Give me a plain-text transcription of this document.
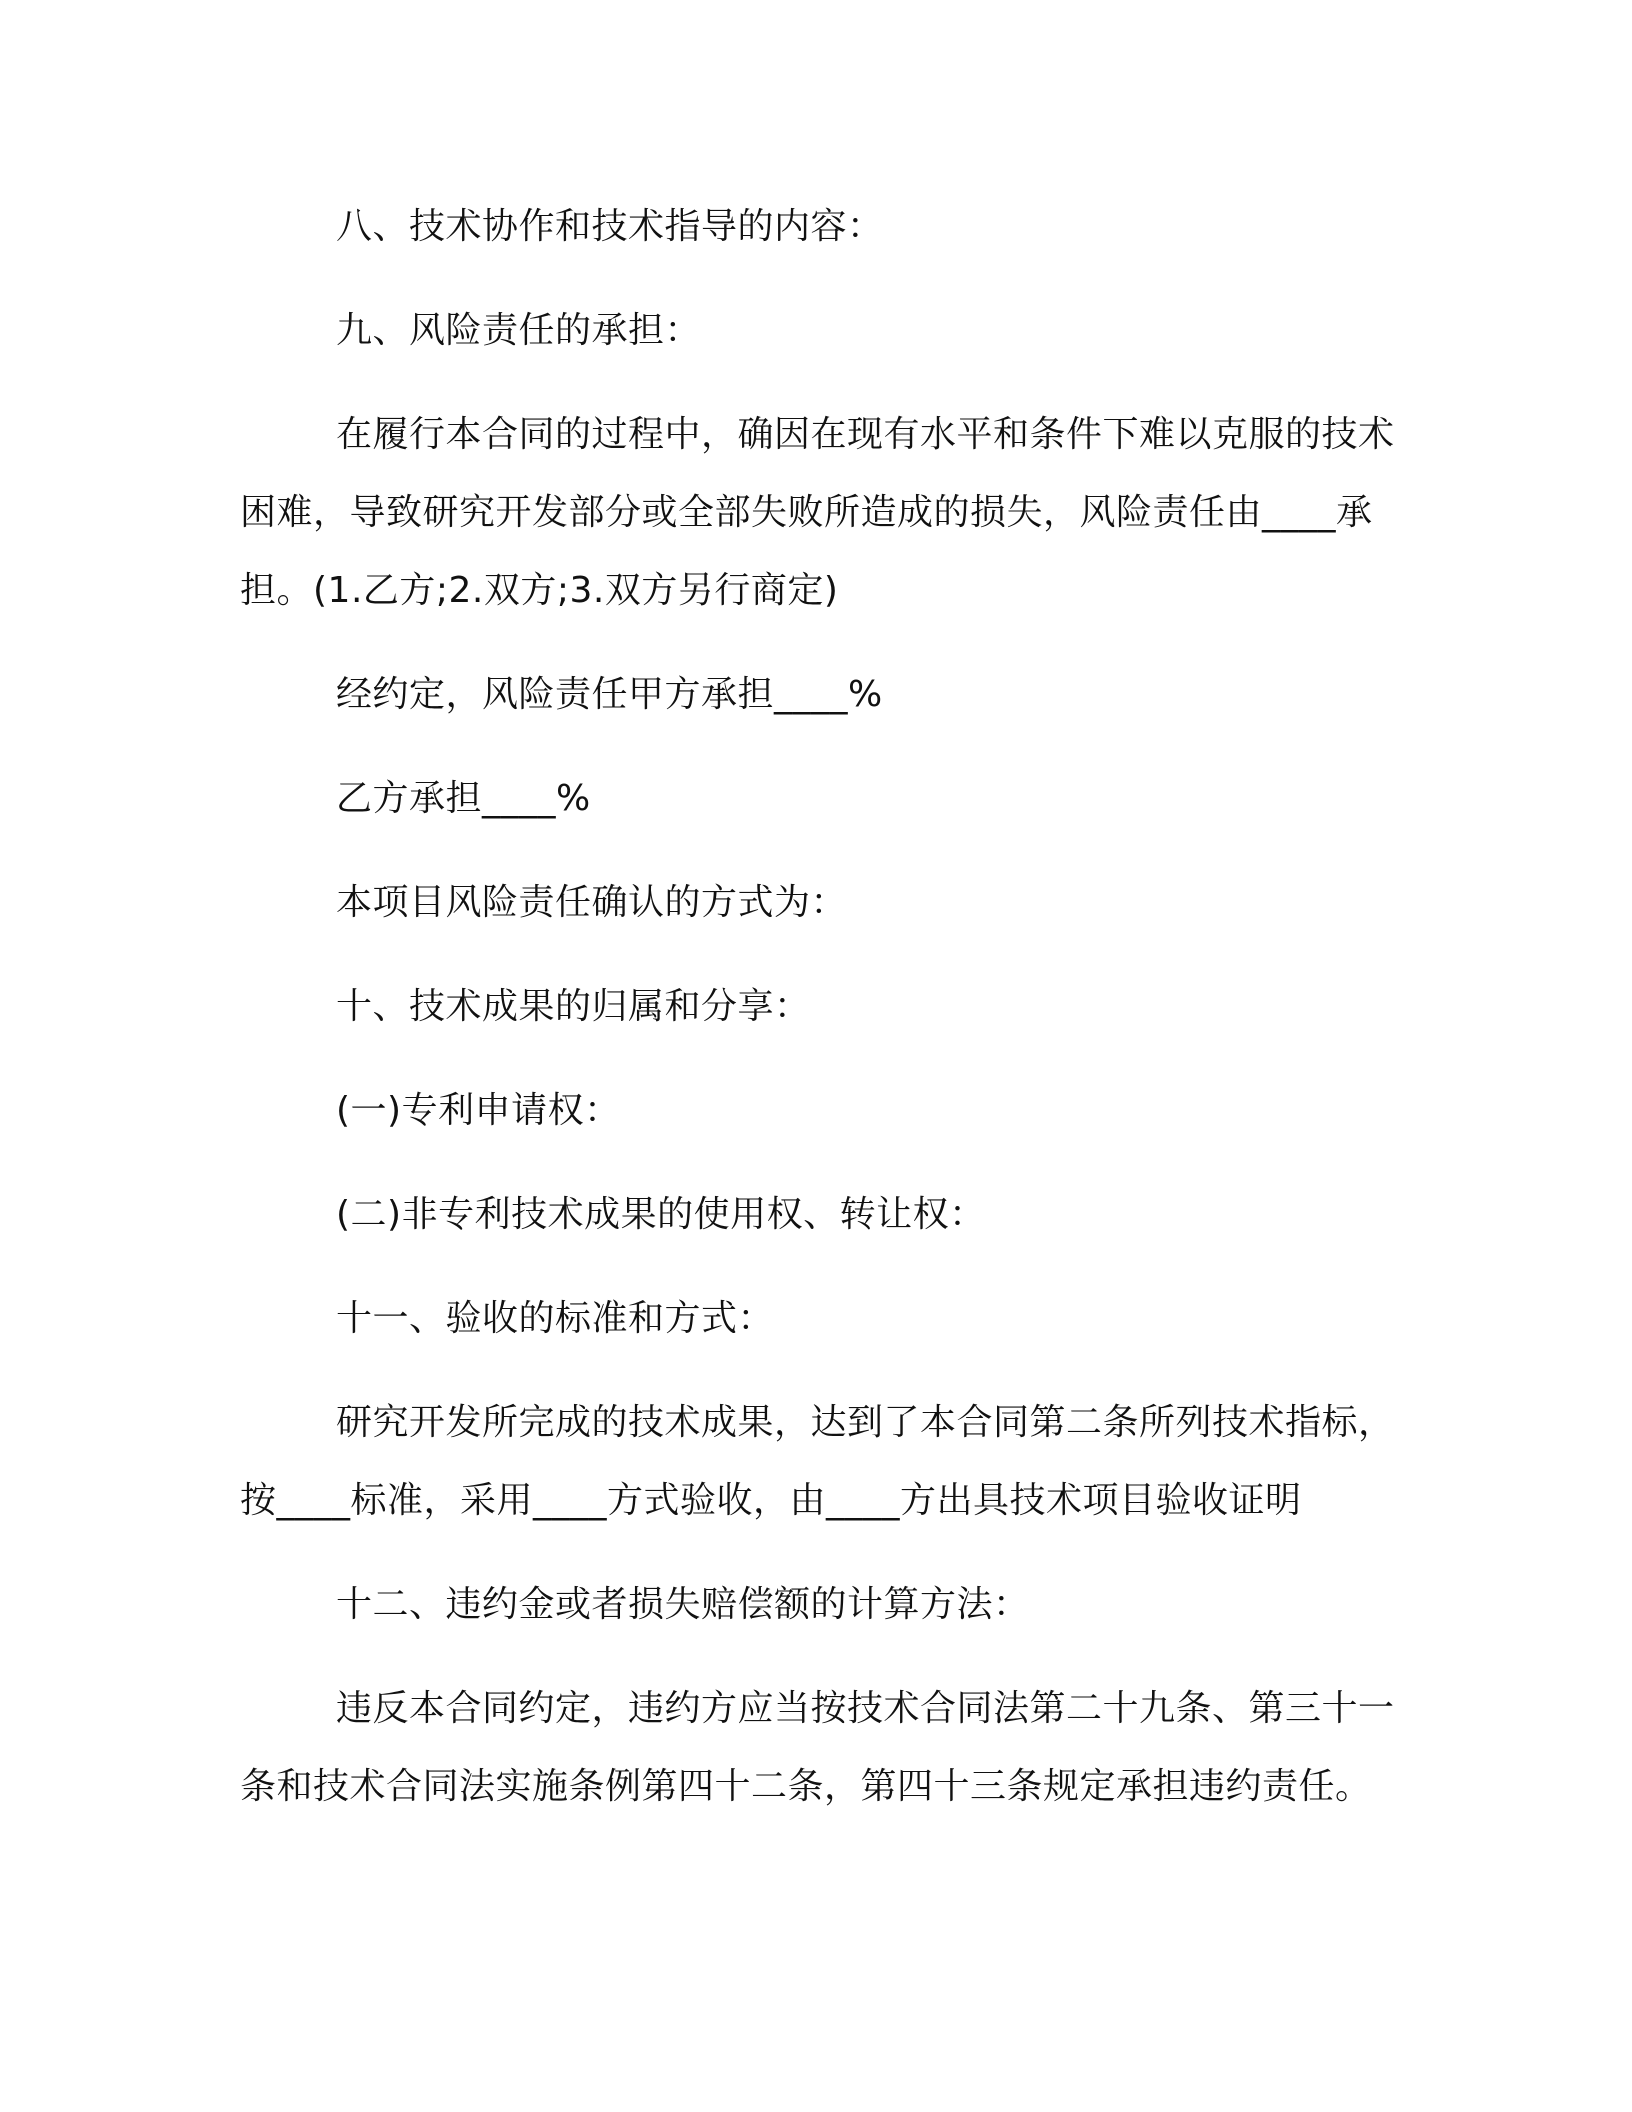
八、技术协作和技术指导的内容：

九、风险责任的承担：

在履行本合同的过程中，确因在现有水平和条件下难以克服的技术困难，导致研究开发部分或全部失败所造成的损失，风险责任由____承担。(1.乙方;2.双方;3.双方另行商定)

经约定，风险责任甲方承担____%

乙方承担____%

本项目风险责任确认的方式为：

十、技术成果的归属和分享：

(一)专利申请权：

(二)非专利技术成果的使用权、转让权：

十一、验收的标准和方式：

研究开发所完成的技术成果，达到了本合同第二条所列技术指标，按____标准，采用____方式验收，由____方出具技术项目验收证明

十二、违约金或者损失赔偿额的计算方法：

违反本合同约定，违约方应当按技术合同法第二十九条、第三十一条和技术合同法实施条例第四十二条，第四十三条规定承担违约责任。
